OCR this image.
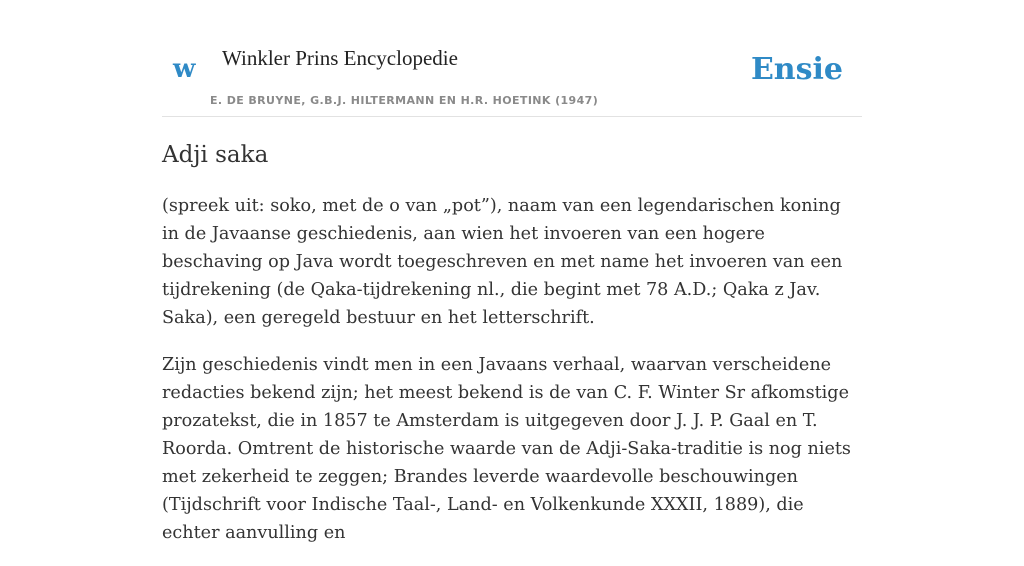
w Winkler Prins Encyclopedie
E. DE BRUYNE, G.B.J. HILTERMANN EN H.R. HOETINK (1947)
Ensie
Adji saka

(spreek uit: soko, met de o van „pot”), naam van een legendarischen koning in de Javaanse geschiedenis, aan wien het invoeren van een hogere beschaving op Java wordt toegeschreven en met name het invoeren van een tijdrekening (de Qaka-tijdrekening nl., die begint met 78 A.D.; Qaka z Jav. Saka), een geregeld bestuur en het letterschrift.

Zijn geschiedenis vindt men in een Javaans verhaal, waarvan verscheidene redacties bekend zijn; het meest bekend is de van C. F. Winter Sr afkomstige prozatekst, die in 1857 te Amsterdam is uitgegeven door J. J. P. Gaal en T. Roorda. Omtrent de historische waarde van de Adji-Saka-traditie is nog niets met zekerheid te zeggen; Brandes leverde waardevolle beschouwingen (Tijdschrift voor Indische Taal-, Land- en Volkenkunde XXXII, 1889), die echter aanvulling en
